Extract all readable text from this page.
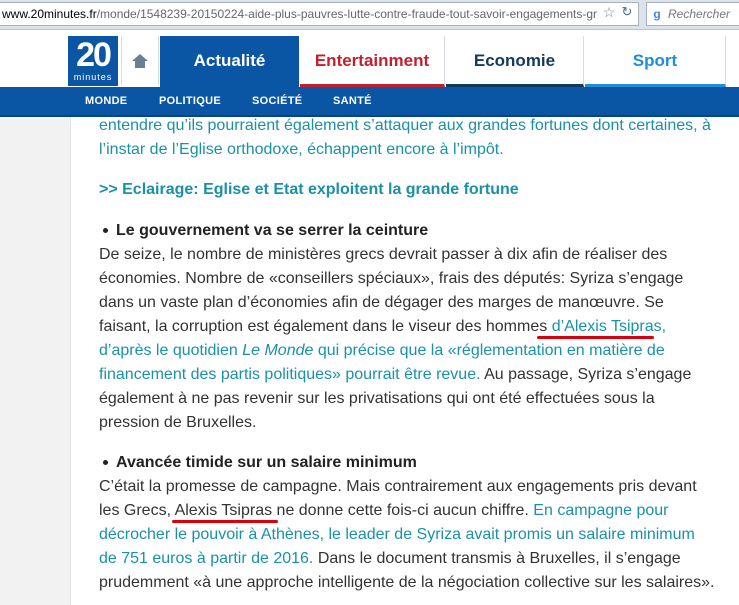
www.20minutes.fr/monde/1548239-20150224-aide-plus-pauvres-lutte-contre-fraude-tout-savoir-engagements-gr ☆ ↻	g Rechercher
20
minutes
Actualité	Entertainment	Economie	Sport
MONDE	POLITIQUE	SOCIÉTÉ	SANTÉ
entendre qu’ils pourraient également s’attaquer aux grandes fortunes dont certaines, à
l’instar de l’Eglise orthodoxe, échappent encore à l’impôt.
>> Eclairage: Eglise et Etat exploitent la grande fortune
Le gouvernement va se serrer la ceinture
De seize, le nombre de ministères grecs devrait passer à dix afin de réaliser des
économies. Nombre de «conseillers spéciaux», frais des députés: Syriza s’engage
dans un vaste plan d’économies afin de dégager des marges de manœuvre. Se
faisant, la corruption est également dans le viseur des hommes d’Alexis Tsipras,
d’après le quotidien Le Monde qui précise que la «réglementation en matière de
financement des partis politiques» pourrait être revue. Au passage, Syriza s’engage
également à ne pas revenir sur les privatisations qui ont été effectuées sous la
pression de Bruxelles.
Avancée timide sur un salaire minimum
C’était la promesse de campagne. Mais contrairement aux engagements pris devant
les Grecs, Alexis Tsipras ne donne cette fois-ci aucun chiffre. En campagne pour
décrocher le pouvoir à Athènes, le leader de Syriza avait promis un salaire minimum
de 751 euros à partir de 2016. Dans le document transmis à Bruxelles, il s’engage
prudemment «à une approche intelligente de la négociation collective sur les salaires».
